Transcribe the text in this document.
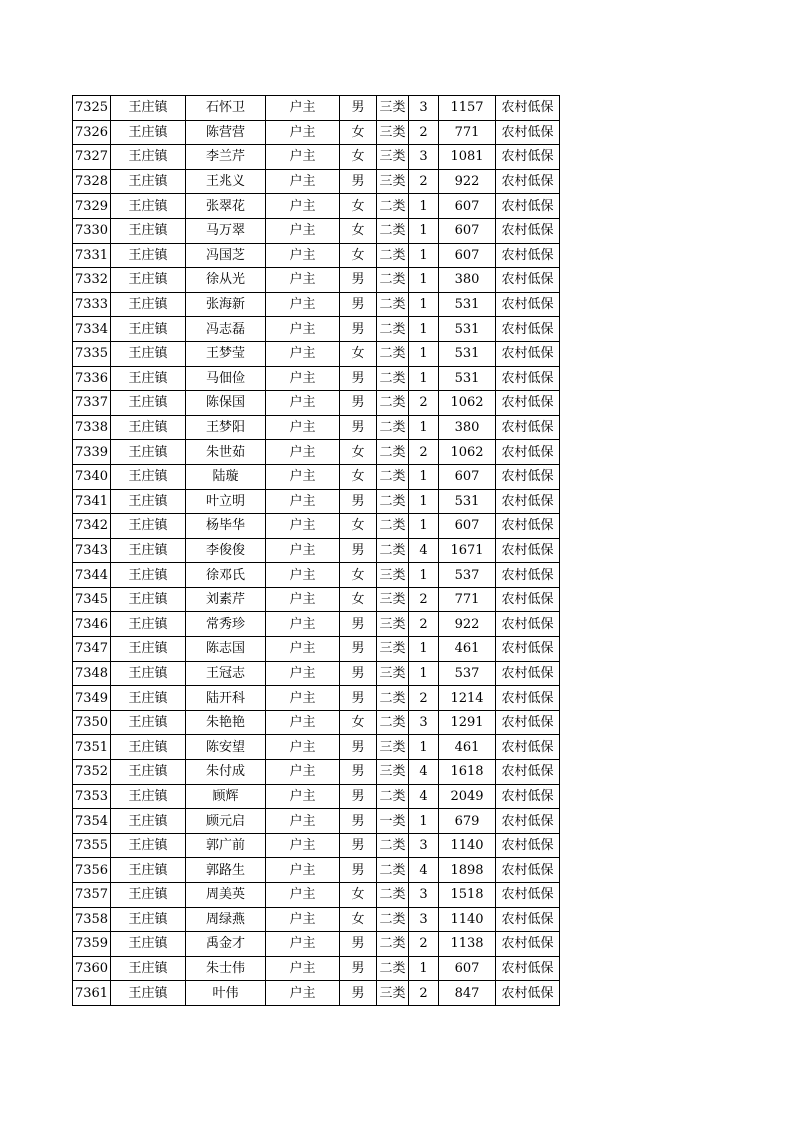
7325	王庄镇	石怀卫	户主	男	三类	3	1157	农村低保
7326	王庄镇	陈营营	户主	女	三类	2	771	农村低保
7327	王庄镇	李兰芹	户主	女	三类	3	1081	农村低保
7328	王庄镇	王兆义	户主	男	三类	2	922	农村低保
7329	王庄镇	张翠花	户主	女	二类	1	607	农村低保
7330	王庄镇	马万翠	户主	女	二类	1	607	农村低保
7331	王庄镇	冯国芝	户主	女	二类	1	607	农村低保
7332	王庄镇	徐从光	户主	男	二类	1	380	农村低保
7333	王庄镇	张海新	户主	男	二类	1	531	农村低保
7334	王庄镇	冯志磊	户主	男	二类	1	531	农村低保
7335	王庄镇	王梦莹	户主	女	二类	1	531	农村低保
7336	王庄镇	马佃俭	户主	男	二类	1	531	农村低保
7337	王庄镇	陈保国	户主	男	二类	2	1062	农村低保
7338	王庄镇	王梦阳	户主	男	二类	1	380	农村低保
7339	王庄镇	朱世茹	户主	女	二类	2	1062	农村低保
7340	王庄镇	陆璇	户主	女	二类	1	607	农村低保
7341	王庄镇	叶立明	户主	男	二类	1	531	农村低保
7342	王庄镇	杨毕华	户主	女	二类	1	607	农村低保
7343	王庄镇	李俊俊	户主	男	二类	4	1671	农村低保
7344	王庄镇	徐邓氏	户主	女	三类	1	537	农村低保
7345	王庄镇	刘素芹	户主	女	三类	2	771	农村低保
7346	王庄镇	常秀珍	户主	男	三类	2	922	农村低保
7347	王庄镇	陈志国	户主	男	三类	1	461	农村低保
7348	王庄镇	王冠志	户主	男	三类	1	537	农村低保
7349	王庄镇	陆开科	户主	男	二类	2	1214	农村低保
7350	王庄镇	朱艳艳	户主	女	二类	3	1291	农村低保
7351	王庄镇	陈安望	户主	男	三类	1	461	农村低保
7352	王庄镇	朱付成	户主	男	三类	4	1618	农村低保
7353	王庄镇	顾辉	户主	男	二类	4	2049	农村低保
7354	王庄镇	顾元启	户主	男	一类	1	679	农村低保
7355	王庄镇	郭广前	户主	男	二类	3	1140	农村低保
7356	王庄镇	郭路生	户主	男	二类	4	1898	农村低保
7357	王庄镇	周美英	户主	女	二类	3	1518	农村低保
7358	王庄镇	周绿燕	户主	女	二类	3	1140	农村低保
7359	王庄镇	禹金才	户主	男	二类	2	1138	农村低保
7360	王庄镇	朱士伟	户主	男	二类	1	607	农村低保
7361	王庄镇	叶伟	户主	男	三类	2	847	农村低保
